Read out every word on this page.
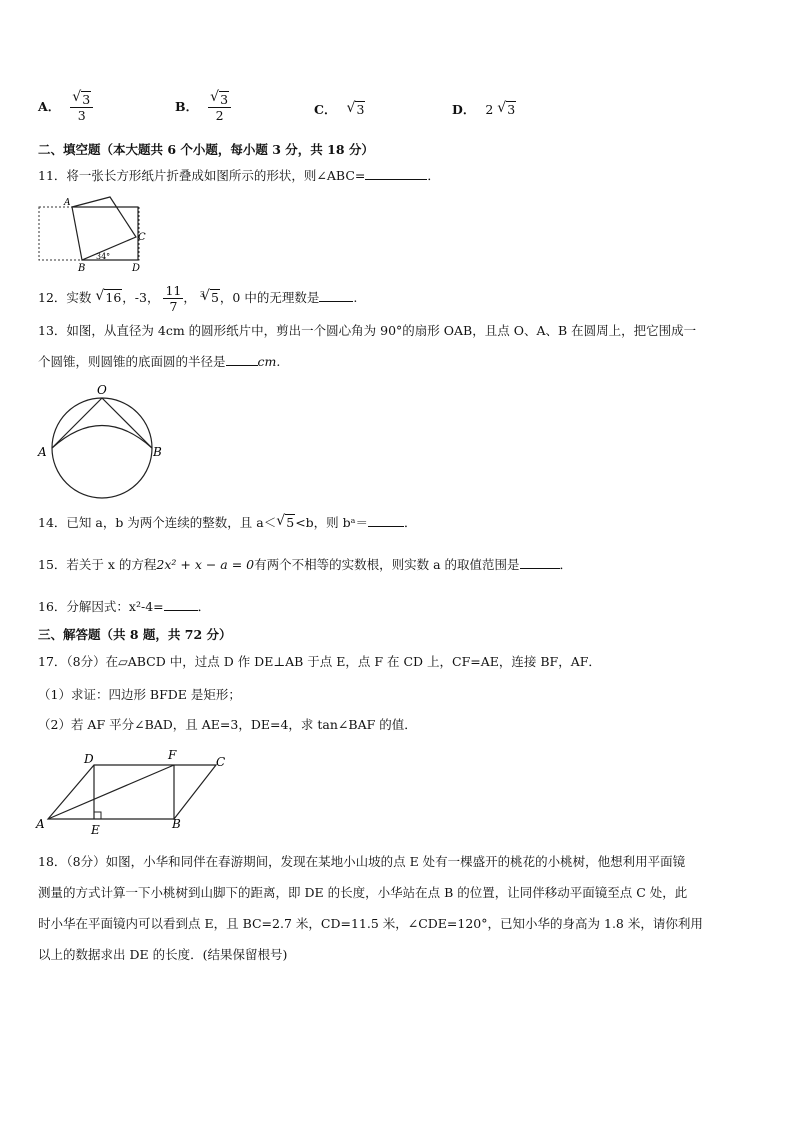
A． √ $\frac{3}{3}$	B． √ $\frac{3}{2}$	C． √ 3	D． 2 √ 3
二、填空题（本大题共 6 个小题，每小题 3 分，共 18 分）
11．将一张长方形纸片折叠成如图所示的形状，则∠ABC=	．
A
C
B	D
34°
12．实数 √ 16，-3， $\frac{11}{7}$ ， $^3$ √ 5，0 中的无理数是	.
13．如图，从直径为 4cm 的圆形纸片中，剪出一个圆心角为 90°的扇形 OAB，且点 O、A、B 在圆周上，把它围成一
个圆锥，则圆锥的底面圆的半径是	cm.
O
A	B
14．已知 a，b 为两个连续的整数，且 a＜ √ 5<b，则 bᵃ＝	．
15．若关于 x 的方程2x² + x − a = 0有两个不相等的实数根，则实数 a 的取值范围是	．
16．分解因式：x²-4=	．
三、解答题（共 8 题，共 72 分）
17．（8分）在▱ABCD 中，过点 D 作 DE⊥AB 于点 E，点 F 在 CD 上，CF=AE，连接 BF，AF．
（1）求证：四边形 BFDE 是矩形；
（2）若 AF 平分∠BAD，且 AE=3，DE=4，求 tan∠BAF 的值．
A	B
C
D
E
F
18．（8分）如图，小华和同伴在春游期间，发现在某地小山坡的点 E 处有一棵盛开的桃花的小桃树，他想利用平面镜
测量的方式计算一下小桃树到山脚下的距离，即 DE 的长度，小华站在点 B 的位置，让同伴移动平面镜至点 C 处，此
时小华在平面镜内可以看到点 E，且 BC=2.7 米，CD=11.5 米，∠CDE=120°，已知小华的身高为 1.8 米，请你利用
以上的数据求出 DE 的长度．(结果保留根号)
